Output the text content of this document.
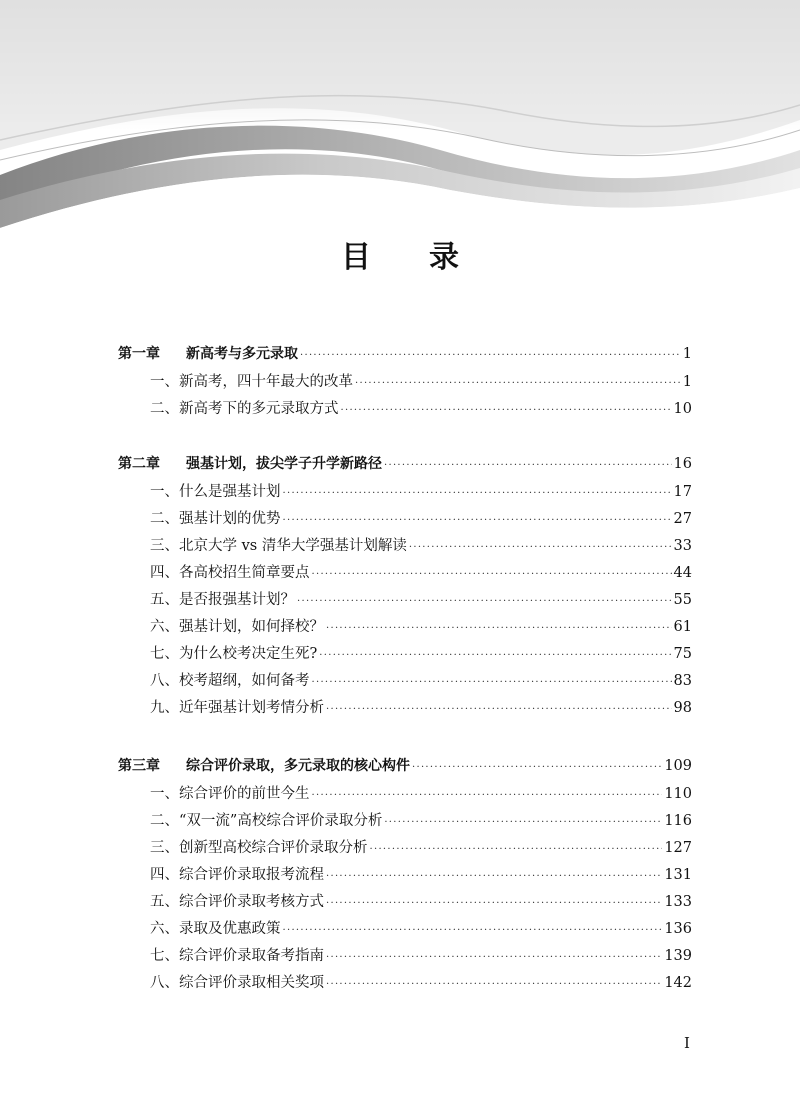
目 录
第一章 新高考与多元录取 ·····	1
一、新高考，四十年最大的改革 ·····	1
二、新高考下的多元录取方式 ·····	10
第二章 强基计划，拔尖学子升学新路径 ·····	16
一、什么是强基计划 ·····	17
二、强基计划的优势 ·····	27
三、北京大学 vs 清华大学强基计划解读 ·····	33
四、各高校招生简章要点 ·····	44
五、是否报强基计划？ ·····	55
六、强基计划，如何择校？ ·····	61
七、为什么校考决定生死? ·····	75
八、校考超纲，如何备考 ·····	83
九、近年强基计划考情分析 ·····	98
第三章 综合评价录取，多元录取的核心构件 ·····	109
一、综合评价的前世今生 ·····	110
二、“双一流”高校综合评价录取分析 ·····	116
三、创新型高校综合评价录取分析 ·····	127
四、综合评价录取报考流程 ·····	131
五、综合评价录取考核方式 ·····	133
六、录取及优惠政策 ·····	136
七、综合评价录取备考指南 ·····	139
八、综合评价录取相关奖项 ·····	142
I
